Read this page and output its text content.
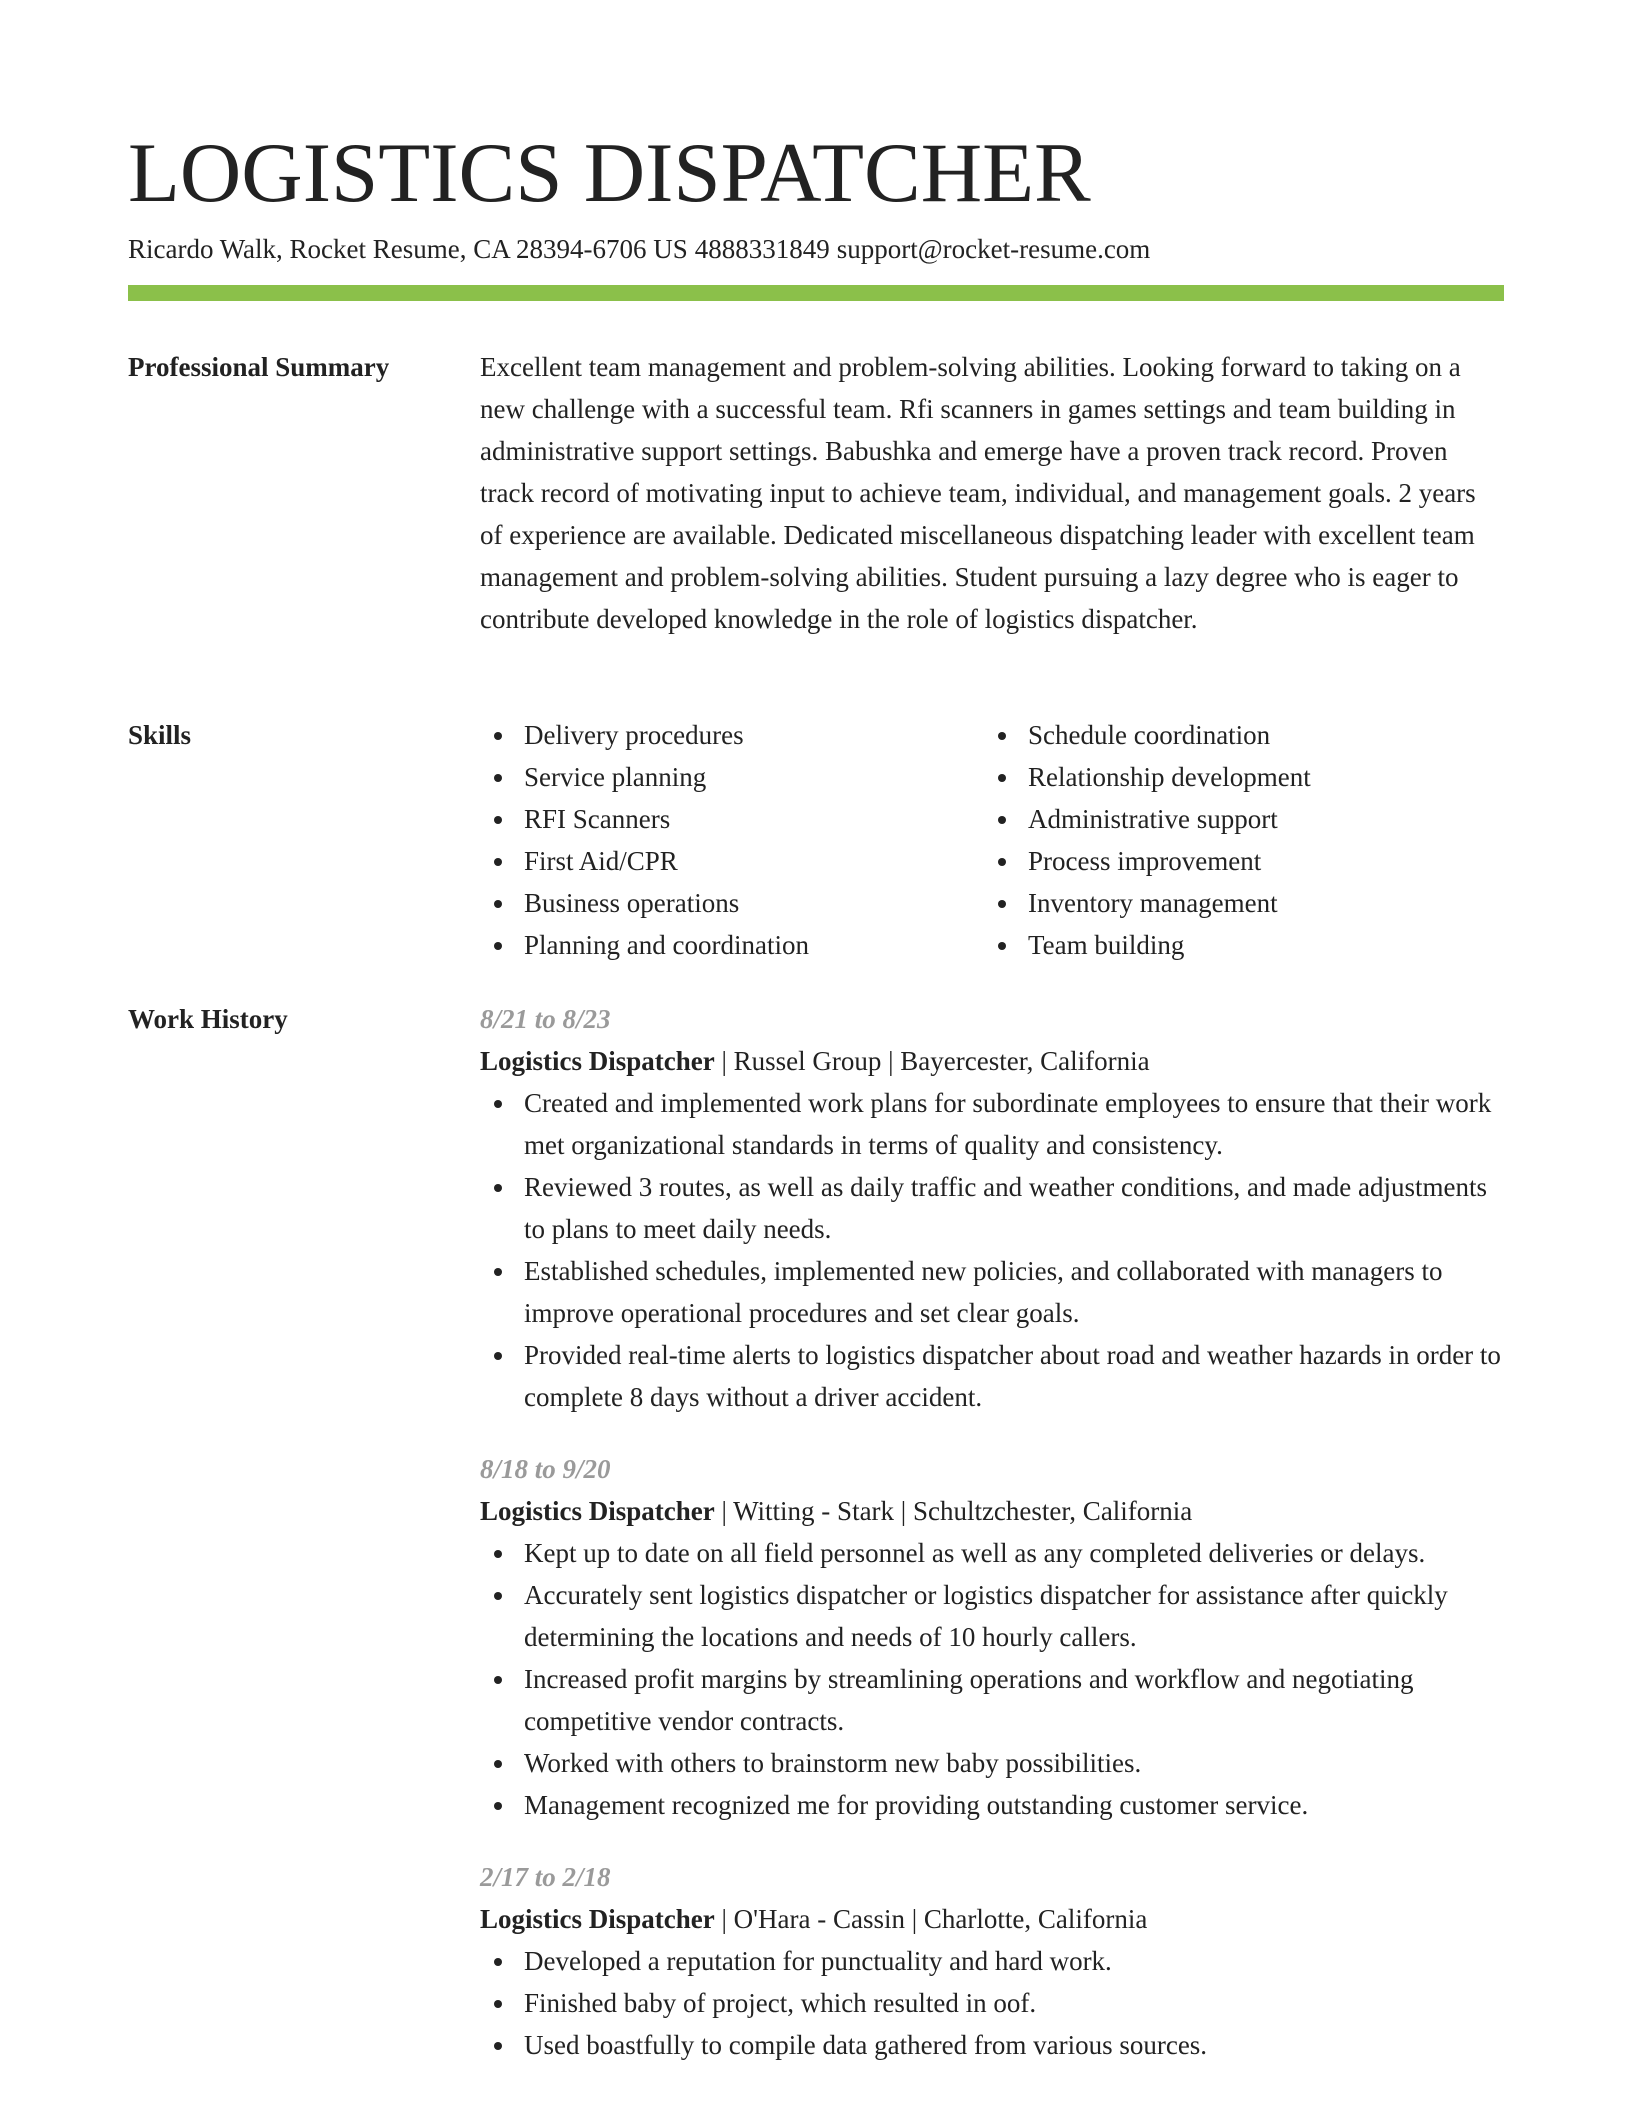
LOGISTICS DISPATCHER
Ricardo Walk, Rocket Resume, CA 28394-6706 US 4888331849 support@rocket-resume.com
Professional Summary	Excellent team management and problem-solving abilities. Looking forward to taking on a new challenge with a successful team. Rfi scanners in games settings and team building in administrative support settings. Babushka and emerge have a proven track record. Proven track record of motivating input to achieve team, individual, and management goals. 2 years of experience are available. Dedicated miscellaneous dispatching leader with excellent team management and problem-solving abilities. Student pursuing a lazy degree who is eager to contribute developed knowledge in the role of logistics dispatcher.

Skills	Delivery procedures
Service planning
RFI Scanners
First Aid/CPR
Business operations
Planning and coordination
Schedule coordination
Relationship development
Administrative support
Process improvement
Inventory management
Team building
Work History	8/21 to 8/23
Logistics Dispatcher | Russel Group | Bayercester, California
Created and implemented work plans for subordinate employees to ensure that their work met organizational standards in terms of quality and consistency.
Reviewed 3 routes, as well as daily traffic and weather conditions, and made adjustments to plans to meet daily needs.
Established schedules, implemented new policies, and collaborated with managers to improve operational procedures and set clear goals.
Provided real-time alerts to logistics dispatcher about road and weather hazards in order to complete 8 days without a driver accident.
8/18 to 9/20
Logistics Dispatcher | Witting - Stark | Schultzchester, California
Kept up to date on all field personnel as well as any completed deliveries or delays.
Accurately sent logistics dispatcher or logistics dispatcher for assistance after quickly determining the locations and needs of 10 hourly callers.
Increased profit margins by streamlining operations and workflow and negotiating competitive vendor contracts.
Worked with others to brainstorm new baby possibilities.
Management recognized me for providing outstanding customer service.
2/17 to 2/18
Logistics Dispatcher | O'Hara - Cassin | Charlotte, California
Developed a reputation for punctuality and hard work.
Finished baby of project, which resulted in oof.
Used boastfully to compile data gathered from various sources.
